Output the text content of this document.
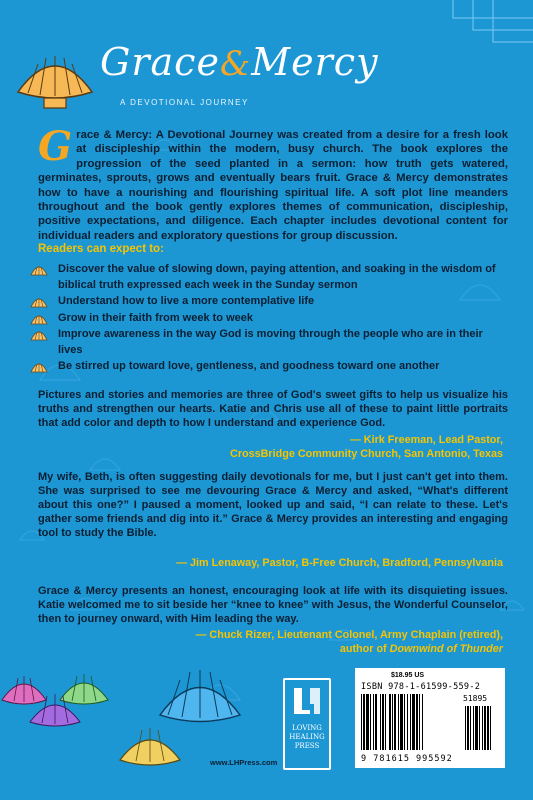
Grace&Mercy
A DEVOTIONAL JOURNEY
Grace & Mercy: A Devotional Journey was created from a desire for a fresh look at discipleship within the modern, busy church. The book explores the progression of the seed planted in a sermon: how truth gets watered, germinates, sprouts, grows and eventually bears fruit. Grace & Mercy demonstrates how to have a nourishing and flourishing spiritual life. A soft plot line meanders throughout and the book gently explores themes of communication, discipleship, positive expectations, and diligence. Each chapter includes devotional content for individual readers and exploratory questions for group discussion.
Readers can expect to:
Discover the value of slowing down, paying attention, and soaking in the wisdom of biblical truth expressed each week in the Sunday sermon
Understand how to live a more contemplative life
Grow in their faith from week to week
Improve awareness in the way God is moving through the people who are in their lives
Be stirred up toward love, gentleness, and goodness toward one another
Pictures and stories and memories are three of God's sweet gifts to help us visualize his truths and strengthen our hearts. Katie and Chris use all of these to paint little portraits that add color and depth to how I understand and experience God.
— Kirk Freeman, Lead Pastor,
CrossBridge Community Church, San Antonio, Texas
My wife, Beth, is often suggesting daily devotionals for me, but I just can't get into them. She was surprised to see me devouring Grace & Mercy and asked, “What's different about this one?” I paused a moment, looked up and said, “I can relate to these. Let's gather some friends and dig into it.” Grace & Mercy provides an interesting and engaging tool to study the Bible.
— Jim Lenaway, Pastor, B-Free Church, Bradford, Pennsylvania
Grace & Mercy presents an honest, encouraging look at life with its disquieting issues. Katie welcomed me to sit beside her “knee to knee” with Jesus, the Wonderful Counselor, then to journey onward, with Him leading the way.
— Chuck Rizer, Lieutenant Colonel, Army Chaplain (retired),
author of Downwind of Thunder
LOVING HEALING PRESS
www.LHPress.com
$18.95 US
ISBN 978-1-61599-559-2
51895
9 781615 995592
